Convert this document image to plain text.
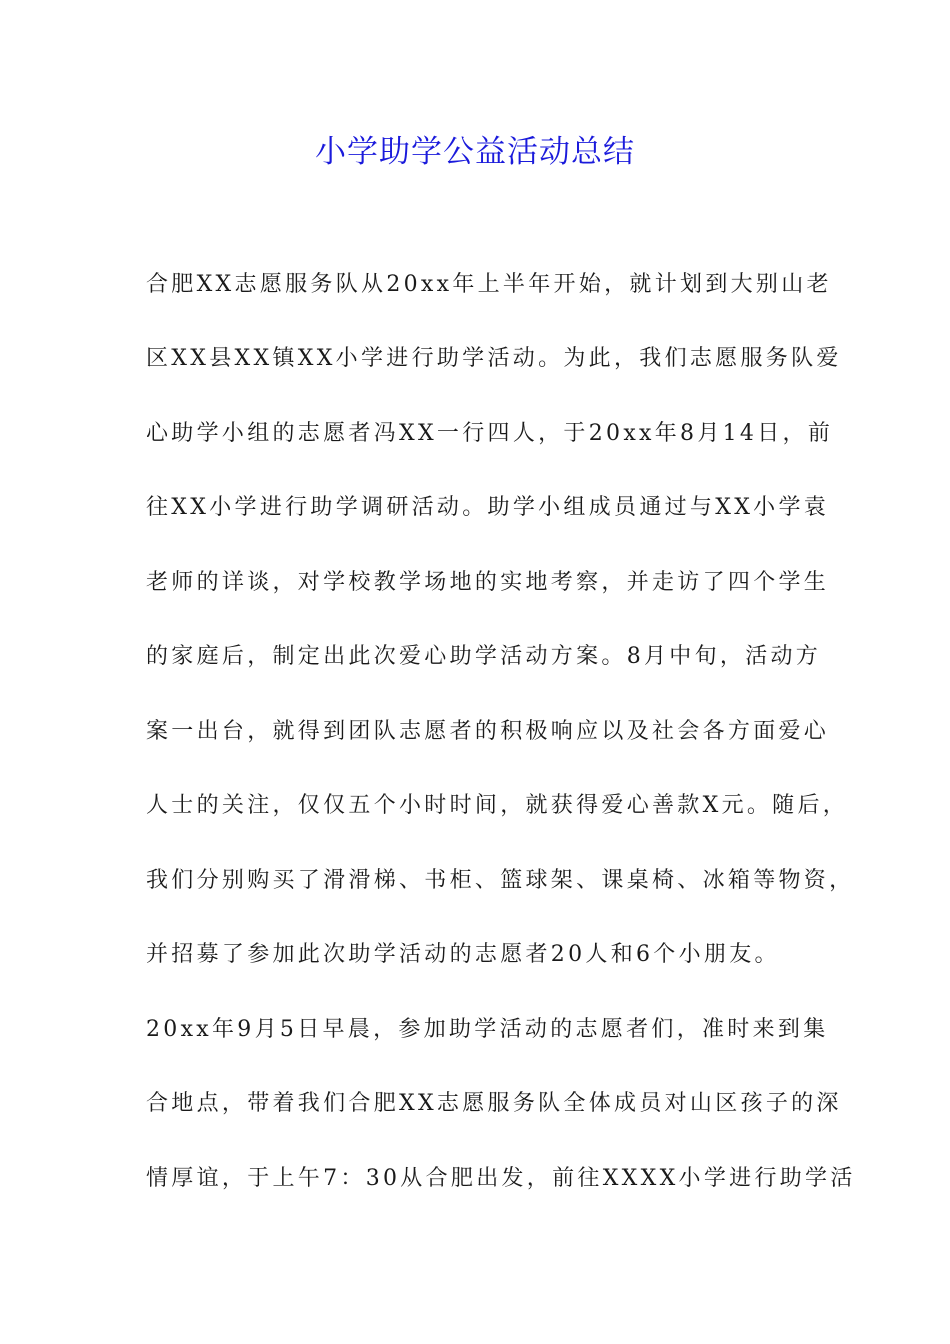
小学助学公益活动总结

合肥XX志愿服务队从20xx年上半年开始，就计划到大别山老

区XX县XX镇XX小学进行助学活动。为此，我们志愿服务队爱

心助学小组的志愿者冯XX一行四人，于20xx年8月14日，前

往XX小学进行助学调研活动。助学小组成员通过与XX小学袁

老师的详谈，对学校教学场地的实地考察，并走访了四个学生

的家庭后，制定出此次爱心助学活动方案。8月中旬，活动方

案一出台，就得到团队志愿者的积极响应以及社会各方面爱心

人士的关注，仅仅五个小时时间，就获得爱心善款X元。随后，

我们分别购买了滑滑梯、书柜、篮球架、课桌椅、冰箱等物资，

并招募了参加此次助学活动的志愿者20人和6个小朋友。

20xx年9月5日早晨，参加助学活动的志愿者们，准时来到集

合地点，带着我们合肥XX志愿服务队全体成员对山区孩子的深

情厚谊，于上午7：30从合肥出发，前往XXXX小学进行助学活
